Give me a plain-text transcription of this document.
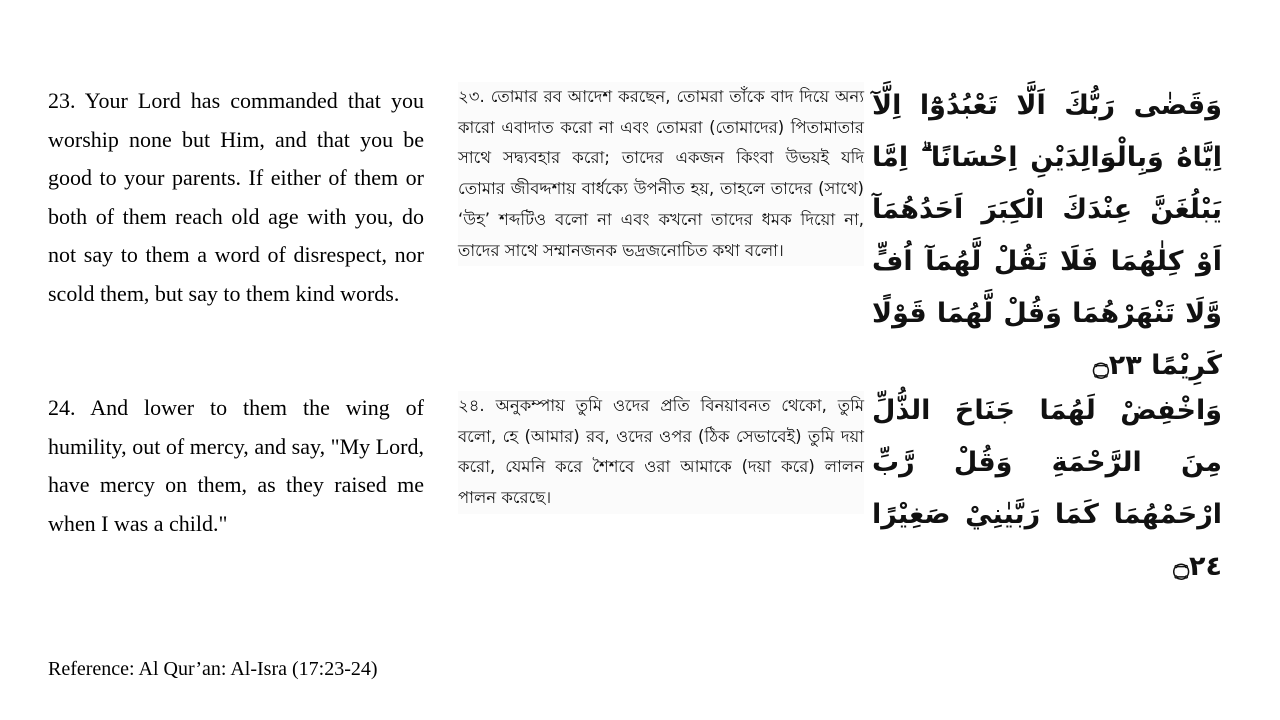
23. Your Lord has commanded that you worship none but Him, and that you be good to your parents. If either of them or both of them reach old age with you, do not say to them a word of disrespect, nor scold them, but say to them kind words.
২৩. তোমার রব আদেশ করছেন, তোমরা তাঁকে বাদ দিয়ে অন্য কারো এবাদাত করো না এবং তোমরা (তোমাদের) পিতামাতার সাথে সদ্ব্যবহার করো; তাদের একজন কিংবা উভয়ই যদি তোমার জীবদ্দশায় বার্ধক্যে উপনীত হয়, তাহলে তাদের (সাথে) ‘উহ’ শব্দটিও বলো না এবং কখনো তাদের ধমক দিয়ো না, তাদের সাথে সম্মানজনক ভদ্রজনোচিত কথা বলো।
وَقَضٰى رَبُّكَ اَلَّا تَعْبُدُوْٓا اِلَّآ اِيَّاهُ وَبِالْوَالِدَيْنِ اِحْسَانًا ۗ اِمَّا يَبْلُغَنَّ عِنْدَكَ الْكِبَرَ اَحَدُهُمَآ اَوْ كِلٰهُمَا فَلَا تَقُلْ لَّهُمَآ اُفٍّ وَّلَا تَنْهَرْهُمَا وَقُلْ لَّهُمَا قَوْلًا كَرِيْمًا ۝٢٣
24. And lower to them the wing of humility, out of mercy, and say, "My Lord, have mercy on them, as they raised me when I was a child."
২৪. অনুকম্পায় তুমি ওদের প্রতি বিনয়াবনত থেকো, তুমি বলো, হে (আমার) রব, ওদের ওপর (ঠিক সেভাবেই) তুমি দয়া করো, যেমনি করে শৈশবে ওরা আমাকে (দয়া করে) লালন পালন করেছে।
وَاخْفِضْ لَهُمَا جَنَاحَ الذُّلِّ مِنَ الرَّحْمَةِ وَقُلْ رَّبِّ ارْحَمْهُمَا كَمَا رَبَّيٰنِيْ صَغِيْرًا ۝٢٤
Reference: Al Qur’an: Al-Isra (17:23-24)
